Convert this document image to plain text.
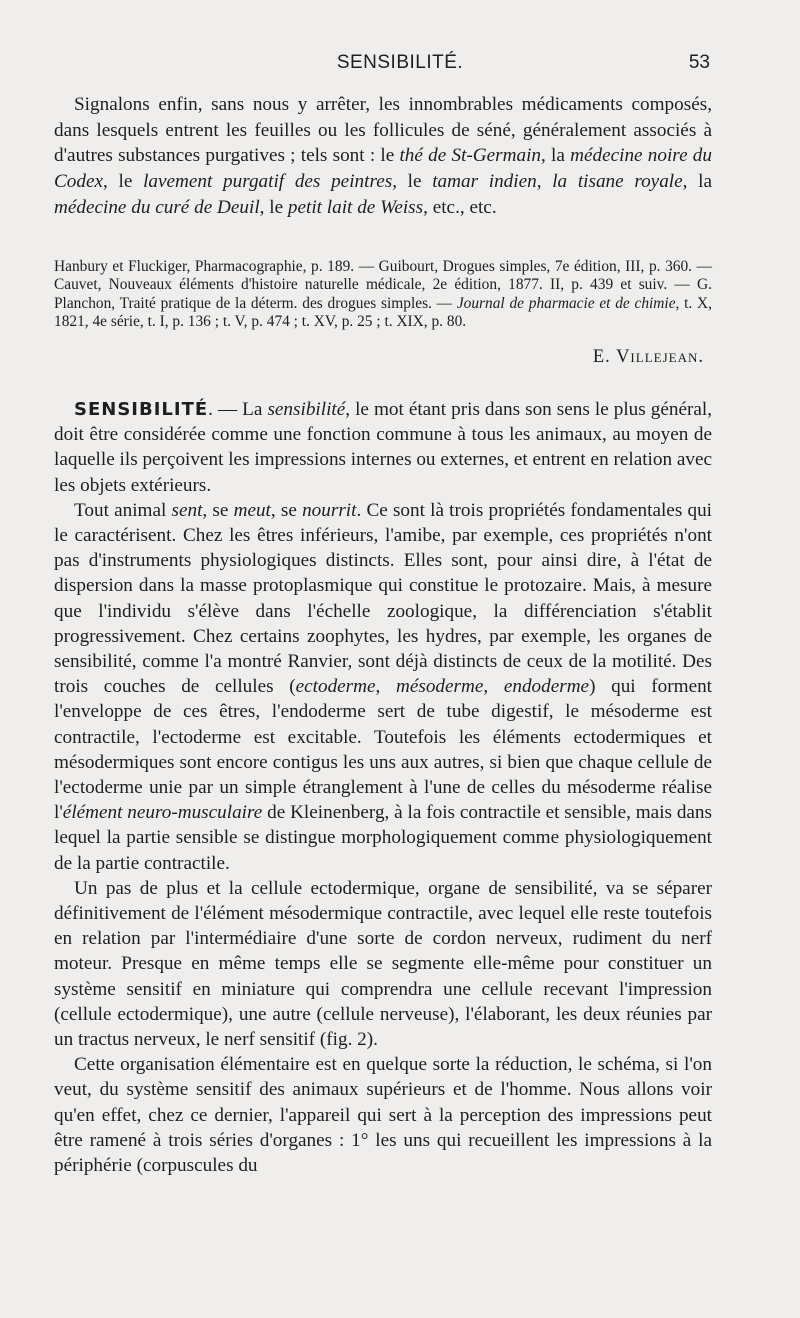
SENSIBILITÉ.	53
Signalons enfin, sans nous y arrêter, les innombrables médicaments composés, dans lesquels entrent les feuilles ou les follicules de séné, généralement associés à d'autres substances purgatives ; tels sont : le thé de St-Germain, la médecine noire du Codex, le lavement purgatif des peintres, le tamar indien, la tisane royale, la médecine du curé de Deuil, le petit lait de Weiss, etc., etc.
Hanbury et Fluckiger, Pharmacographie, p. 189. — Guibourt, Drogues simples, 7e édition, III, p. 360. — Cauvet, Nouveaux éléments d'histoire naturelle médicale, 2e édition, 1877. II, p. 439 et suiv. — G. Planchon, Traité pratique de la déterm. des drogues simples. — Journal de pharmacie et de chimie, t. X, 1821, 4e série, t. I, p. 136 ; t. V, p. 474 ; t. XV, p. 25 ; t. XIX, p. 80.
E. Villejean.

SENSIBILITÉ. — La sensibilité, le mot étant pris dans son sens le plus général, doit être considérée comme une fonction commune à tous les animaux, au moyen de laquelle ils perçoivent les impressions internes ou externes, et entrent en relation avec les objets extérieurs.

Tout animal sent, se meut, se nourrit. Ce sont là trois propriétés fondamentales qui le caractérisent. Chez les êtres inférieurs, l'amibe, par exemple, ces propriétés n'ont pas d'instruments physiologiques distincts. Elles sont, pour ainsi dire, à l'état de dispersion dans la masse protoplasmique qui constitue le protozaire. Mais, à mesure que l'individu s'élève dans l'échelle zoologique, la différenciation s'établit progressivement. Chez certains zoophytes, les hydres, par exemple, les organes de sensibilité, comme l'a montré Ranvier, sont déjà distincts de ceux de la motilité. Des trois couches de cellules (ectoderme, mésoderme, endoderme) qui forment l'enveloppe de ces êtres, l'endoderme sert de tube digestif, le mésoderme est contractile, l'ectoderme est excitable. Toutefois les éléments ectodermiques et mésodermiques sont encore contigus les uns aux autres, si bien que chaque cellule de l'ectoderme unie par un simple étranglement à l'une de celles du mésoderme réalise l'élément neuro-musculaire de Kleinenberg, à la fois contractile et sensible, mais dans lequel la partie sensible se distingue morphologiquement comme physiologiquement de la partie contractile.

Un pas de plus et la cellule ectodermique, organe de sensibilité, va se séparer définitivement de l'élément mésodermique contractile, avec lequel elle reste toutefois en relation par l'intermédiaire d'une sorte de cordon nerveux, rudiment du nerf moteur. Presque en même temps elle se segmente elle-même pour constituer un système sensitif en miniature qui comprendra une cellule recevant l'impression (cellule ectodermique), une autre (cellule nerveuse), l'élaborant, les deux réunies par un tractus nerveux, le nerf sensitif (fig. 2).

Cette organisation élémentaire est en quelque sorte la réduction, le schéma, si l'on veut, du système sensitif des animaux supérieurs et de l'homme. Nous allons voir qu'en effet, chez ce dernier, l'appareil qui sert à la perception des impressions peut être ramené à trois séries d'organes : 1° les uns qui recueillent les impressions à la périphérie (corpuscules du
